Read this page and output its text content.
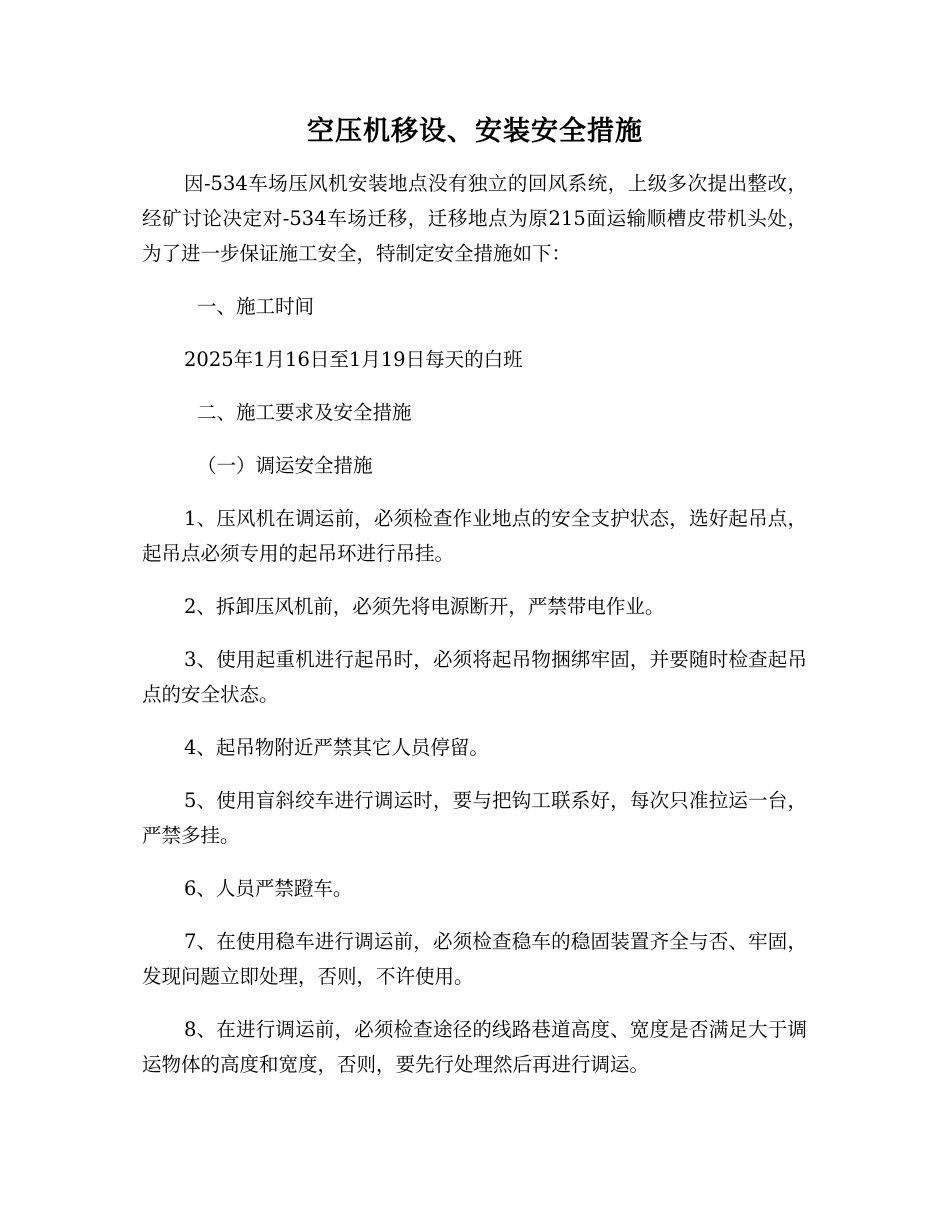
空压机移设、安装安全措施

因-534车场压风机安装地点没有独立的回风系统，上级多次提出整改，经矿讨论决定对-534车场迁移，迁移地点为原215面运输顺槽皮带机头处，为了进一步保证施工安全，特制定安全措施如下：

一、施工时间

2025年1月16日至1月19日每天的白班

二、施工要求及安全措施

（一）调运安全措施

1、压风机在调运前，必须检查作业地点的安全支护状态，选好起吊点，起吊点必须专用的起吊环进行吊挂。

2、拆卸压风机前，必须先将电源断开，严禁带电作业。

3、使用起重机进行起吊时，必须将起吊物捆绑牢固，并要随时检查起吊点的安全状态。

4、起吊物附近严禁其它人员停留。

5、使用盲斜绞车进行调运时，要与把钩工联系好，每次只准拉运一台，严禁多挂。

6、人员严禁蹬车。

7、在使用稳车进行调运前，必须检查稳车的稳固装置齐全与否、牢固，发现问题立即处理，否则，不许使用。

8、在进行调运前，必须检查途径的线路巷道高度、宽度是否满足大于调运物体的高度和宽度，否则，要先行处理然后再进行调运。
